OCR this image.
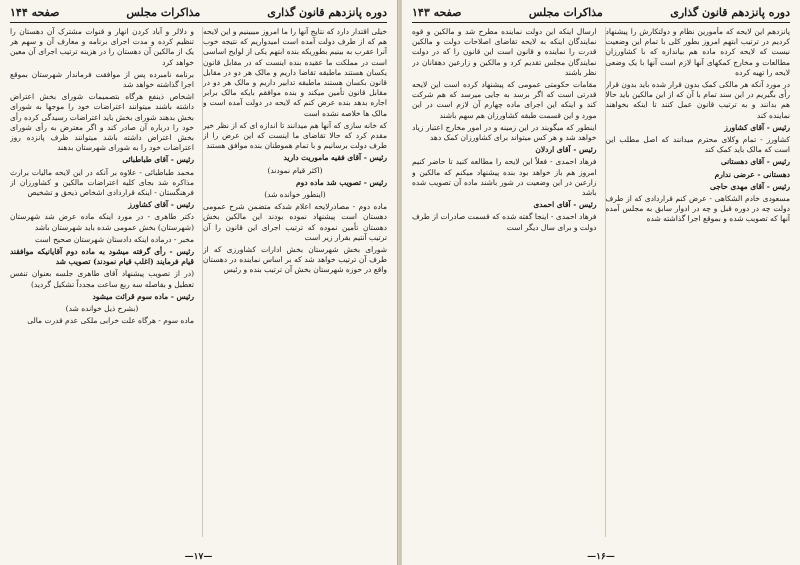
دوره پانزدهم قانون گذاری
مذاکرات مجلس
صفحه ۱۴۴

خیلی اقتدار دارد که نتایج آنها را ما امروز میبینیم و این لایحه هم که از طرف دولت آمده است امیدواریم که نتیجه خوب آنرا عقرب به بینیم بطوریکه بنده ابتهم یکی از لوایح اساسی است در مملکت ما عقیده بنده اینست که در مقابل قانون یکسان هستند ماطبقه تقاضا داریم و مالک هر دو در مقابل قانون بکسان هستند ماطبقه تدابیر داریم و مالک هر دو در مقابل قانون تأمین میکند و بنده موافقم بایکه مالک برابر اجاره بدهد بنده عرض کنم که لایحه در دولت آمده است و مالک ها خلاصه نشده است

که خانه سازی که آنها هم میدانند تا اندازه ای که از نظر خیر مقدم کرد که حالا تقاضای ما اینست که این عرض را از طرف دولت برسانیم و با تمام هموطنان بنده موافق هستند

رئیس - آقای فقیه ماموریت دارید

(اکثر قیام نمودند)

رئیس - تصویب شد ماده دوم

(اینطور خوانده شد)

ماده دوم - مصادرلایحه اعلام شدکه متضمن شرح عمومی دهستان است پیشنهاد نموده بودند این مالکین بخش دهستان تأمین نموده که ترتیب اجرای این قانون را آن ترتیب آنتیم بقرار زیر است

شورای بخش شهرستان بخش ادارات کشاورزی که از طرف آن ترتیب خواهد شد که بر اساس نماینده در دهستان واقع در حوزه شهرستان بخش آن ترتیب بنده و رئیس

و دلالر و آباد کردن انهار و قنوات مشترک آن دهستان را تنظیم کرده و مدت اجرای برنامه و معارف آن و سهم هر یک از مالکین آن دهستان را در هزینه ترتیب اجرای آن معین خواهد کرد

برنامه نامبرده پس از موافقت فرماندار شهرستان بموقع اجرا گذاشته خواهد شد

اشخاص ذینفع هرگاه بتصمیمات شورای بخش اعتراض داشته باشند میتوانند اعتراضات خود را موجها به شورای بخش بدهند شورای بخش باید اعتراضات رسیدگی کرده رأی خود را درباره آن صادر کند و اگر معترض به رأی شورای بخش اعتراض داشته باشد میتوانند ظرف پانزده روز اعتراضات خود را به شورای شهرستان بدهند

رئیس - آقای طباطبائی

محمد طباطبائی - علاوه بر آنکه در این لایحه مالیات برارث مذاکره شد بجای کلیه اعتراضات مالکین و کشاورزان از فرهنگستان - اینکه قراردادی اشخاص ذیحق و تشخیص

رئیس - آقای کشاورز

دکتر طاهری - در مورد اینکه ماده عرض شد شهرستان (شهرستان) بخش عمومی شده باید شهرستان باشد

مخبر - درماده اینکه دادستان شهرستان صحیح است

رئیس - رأی گرفته میشود به ماده دوم آقایانیکه موافقند قیام فرمایند (اغلب قیام نمودند) تصویب شد

(در از تصویب پیشنهاد آقای طاهری جلسه بعنوان تنفس تعطیل و بفاصله سه ربع ساعت مجدداً تشکیل گردید)

رئیس - ماده سوم قرائت میشود

(بشرح ذیل خوانده شد)

ماده سوم - هرگاه علت خرابی ملکی عدم قدرت مالی

—۱۷—
دوره پانزدهم قانون گذاری
مذاکرات مجلس
صفحه ۱۴۳

پانزدهم این لایحه که مأمورین نظام و دولتکارش را پیشنهاد کردیم در ترتیب ابتهم امروز بطور کلی با تمام این وضعیت نیست که لایحه کرده ماده هم بیاندازه که با کشاورزان مطالعات و مخارج کمکهای آنها لازم است آنها با یک وضعی لایحه را تهیه کرده

در مورد آنکه هر مالکی کمک بدون قرار شده باید بدون قرار رأی بگیریم در این سند تمام با آن که از این مالکین باید حالا هم بدانند و به ترتیب قانون عمل کنند تا اینکه بخواهند نماینده کند

رئیس - آقای کشاورز

کشاورز - تمام وکلای محترم میدانند که اصل مطلب این است که مالک باید کمک کند

رئیس - آقای دهستانی

دهستانی - عرضی ندارم

رئیس - آقای مهدی حاجی

مسعودی خادم الشکاهی - عرض کنم قراردادی که از طرف دولت چه در دوره قبل و چه در ادوار سابق به مجلس آمده آنها که تصویب شده و بموقع اجرا گذاشته شده

ارسال اینکه این دولت نماینده مطرح شد و مالکین و قوه نمایندگان اینکه به لایحه تقاضای اصلاحات دولت و مالکین قدرت را نماینده و قانون است این قانون را که در دولت نمایندگان مجلس تقدیم کرد و مالکین و زارعین دهقانان در نظر باشند

مقامات حکومتی عمومی که پیشنهاد کرده است این لایحه قدرتی است که اگر برسد به جایی میرسد که هم شرکت کند و اینکه این اجرای ماده چهارم آن لازم است در این مورد و این قسمت طبقه کشاورزان هم سهم باشند

اینطور که میگویند در این زمینه و در امور مخارج اعتبار زیاد خواهد شد و هر کس میتواند برای کشاورزان کمک دهد

رئیس - آقای اردلان

فرهاد احمدی - فعلاً این لایحه را مطالعه کنید تا حاضر کنیم امروز هم باز خواهد بود بنده پیشنهاد میکنم که مالکین و زارعین در این وضعیت در شور باشند ماده آن تصویب شده باشد

رئیس - آقای احمدی

فرهاد احمدی - اینجا گفته شده که قسمت صادرات از طرف دولت و برای سال دیگر است

—۱۶—
